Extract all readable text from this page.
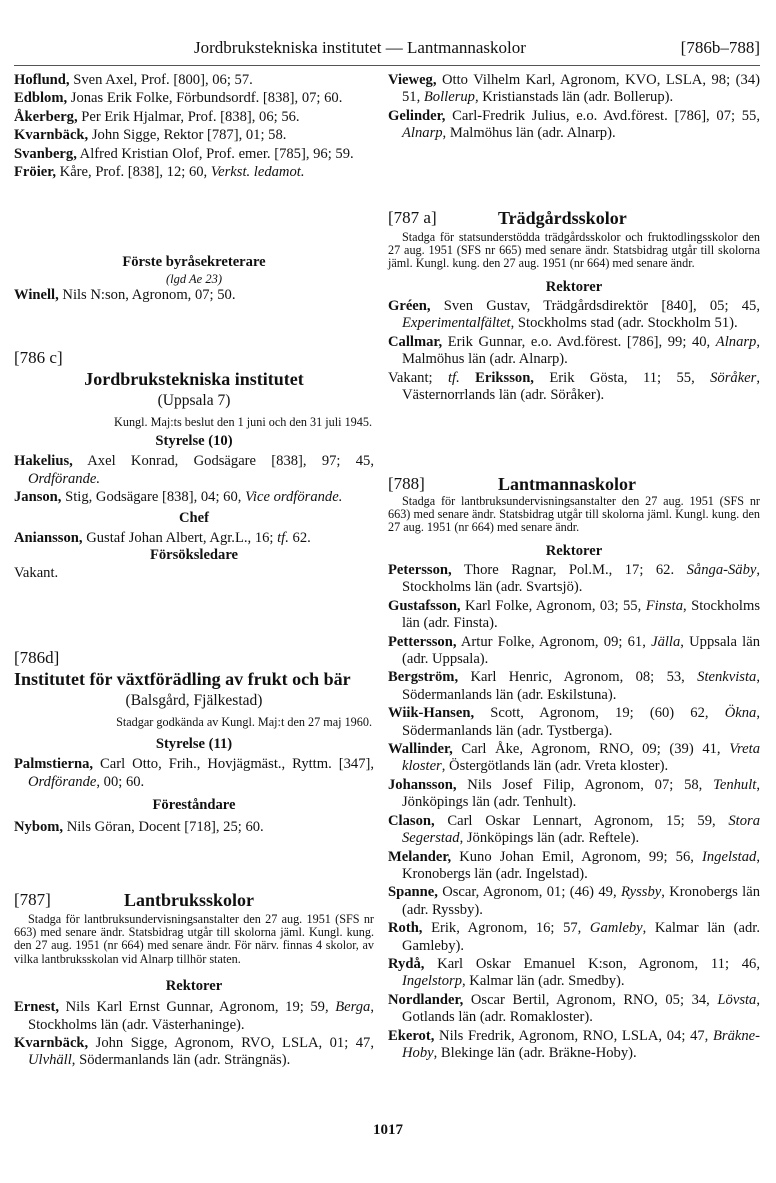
Jordbrukstekniska institutet — Lantmannaskolor	[786b–788]
Hoflund, Sven Axel, Prof. [800], 06; 57.
Edblom, Jonas Erik Folke, Förbundsordf. [838], 07; 60.
Åkerberg, Per Erik Hjalmar, Prof. [838], 06; 56.
Kvarnbäck, John Sigge, Rektor [787], 01; 58.
Svanberg, Alfred Kristian Olof, Prof. emer. [785], 96; 59.
Fröier, Kåre, Prof. [838], 12; 60, Verkst. ledamot.
Förste byråsekreterare
(lgd Ae 23)
Winell, Nils N:son, Agronom, 07; 50.
[786 c]
Jordbrukstekniska institutet
(Uppsala 7)
Kungl. Maj:ts beslut den 1 juni och den 31 juli 1945.
Styrelse (10)
Hakelius, Axel Konrad, Godsägare [838], 97; 45, Ordförande.
Janson, Stig, Godsägare [838], 04; 60, Vice ordförande.
Chef
Aniansson, Gustaf Johan Albert, Agr.L., 16; tf. 62.
Försöksledare
Vakant.
[786d]
Institutet för växtförädling av frukt och bär
(Balsgård, Fjälkestad)
Stadgar godkända av Kungl. Maj:t den 27 maj 1960.
Styrelse (11)
Palmstierna, Carl Otto, Frih., Hovjägmäst., Ryttm. [347], Ordförande, 00; 60.
Föreståndare
Nybom, Nils Göran, Docent [718], 25; 60.
[787]	Lantbruksskolor
Stadga för lantbruksundervisningsanstalter den 27 aug. 1951 (SFS nr 663) med senare ändr. Statsbidrag utgår till skolorna jäml. Kungl. kung. den 27 aug. 1951 (nr 664) med senare ändr. För närv. finnas 4 skolor, av vilka lantbruksskolan vid Alnarp tillhör staten.
Rektorer
Ernest, Nils Karl Ernst Gunnar, Agronom, 19; 59, Berga, Stockholms län (adr. Västerhaninge).
Kvarnbäck, John Sigge, Agronom, RVO, LSLA, 01; 47, Ulvhäll, Södermanlands län (adr. Strängnäs).
Vieweg, Otto Vilhelm Karl, Agronom, KVO, LSLA, 98; (34) 51, Bollerup, Kristianstads län (adr. Bollerup).
Gelinder, Carl-Fredrik Julius, e.o. Avd.förest. [786], 07; 55, Alnarp, Malmöhus län (adr. Alnarp).
[787 a]	Trädgårdsskolor
Stadga för statsunderstödda trädgårdsskolor och fruktodlingsskolor den 27 aug. 1951 (SFS nr 665) med senare ändr. Statsbidrag utgår till skolorna jäml. Kungl. kung. den 27 aug. 1951 (nr 664) med senare ändr.
Rektorer
Gréen, Sven Gustav, Trädgårdsdirektör [840], 05; 45, Experimentalfältet, Stockholms stad (adr. Stockholm 51).
Callmar, Erik Gunnar, e.o. Avd.förest. [786], 99; 40, Alnarp, Malmöhus län (adr. Alnarp).
Vakant; tf. Eriksson, Erik Gösta, 11; 55, Söråker, Västernorrlands län (adr. Söråker).
[788]	Lantmannaskolor
Stadga för lantbruksundervisningsanstalter den 27 aug. 1951 (SFS nr 663) med senare ändr. Statsbidrag utgår till skolorna jäml. Kungl. kung. den 27 aug. 1951 (nr 664) med senare ändr.
Rektorer
Petersson, Thore Ragnar, Pol.M., 17; 62. Sånga-Säby, Stockholms län (adr. Svartsjö).
Gustafsson, Karl Folke, Agronom, 03; 55, Finsta, Stockholms län (adr. Finsta).
Pettersson, Artur Folke, Agronom, 09; 61, Jälla, Uppsala län (adr. Uppsala).
Bergström, Karl Henric, Agronom, 08; 53, Stenkvista, Södermanlands län (adr. Eskilstuna).
Wiik-Hansen, Scott, Agronom, 19; (60) 62, Ökna, Södermanlands län (adr. Tystberga).
Wallinder, Carl Åke, Agronom, RNO, 09; (39) 41, Vreta kloster, Östergötlands län (adr. Vreta kloster).
Johansson, Nils Josef Filip, Agronom, 07; 58, Tenhult, Jönköpings län (adr. Tenhult).
Clason, Carl Oskar Lennart, Agronom, 15; 59, Stora Segerstad, Jönköpings län (adr. Reftele).
Melander, Kuno Johan Emil, Agronom, 99; 56, Ingelstad, Kronobergs län (adr. Ingelstad).
Spanne, Oscar, Agronom, 01; (46) 49, Ryssby, Kronobergs län (adr. Ryssby).
Roth, Erik, Agronom, 16; 57, Gamleby, Kalmar län (adr. Gamleby).
Rydå, Karl Oskar Emanuel K:son, Agronom, 11; 46, Ingelstorp, Kalmar län (adr. Smedby).
Nordlander, Oscar Bertil, Agronom, RNO, 05; 34, Lövsta, Gotlands län (adr. Romakloster).
Ekerot, Nils Fredrik, Agronom, RNO, LSLA, 04; 47, Bräkne-Hoby, Blekinge län (adr. Bräkne-Hoby).
1017
